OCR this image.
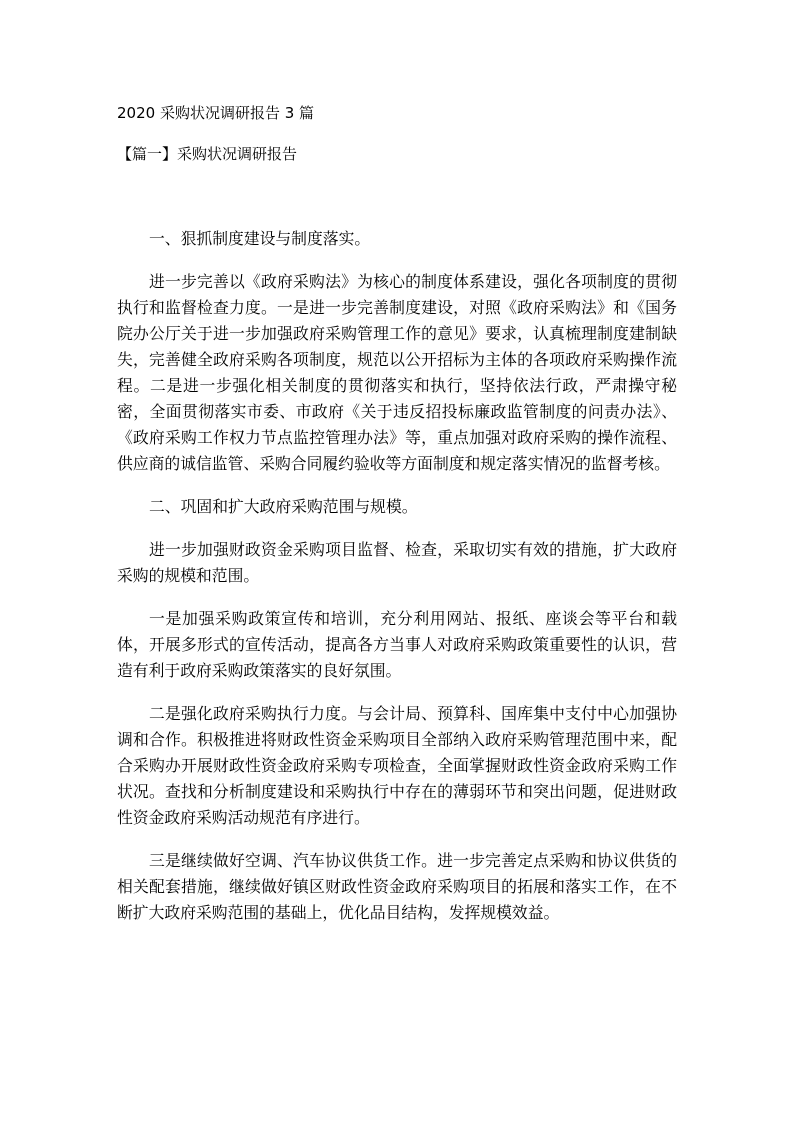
2020 采购状况调研报告 3 篇
【篇一】采购状况调研报告

一、狠抓制度建设与制度落实。

进一步完善以《政府采购法》为核心的制度体系建设，强化各项制度的贯彻执行和监督检查力度。一是进一步完善制度建设，对照《政府采购法》和《国务院办公厅关于进一步加强政府采购管理工作的意见》要求，认真梳理制度建制缺失，完善健全政府采购各项制度，规范以公开招标为主体的各项政府采购操作流程。二是进一步强化相关制度的贯彻落实和执行，坚持依法行政，严肃操守秘密，全面贯彻落实市委、市政府《关于违反招投标廉政监管制度的问责办法》、《政府采购工作权力节点监控管理办法》等，重点加强对政府采购的操作流程、供应商的诚信监管、采购合同履约验收等方面制度和规定落实情况的监督考核。

二、巩固和扩大政府采购范围与规模。

进一步加强财政资金采购项目监督、检查，采取切实有效的措施，扩大政府采购的规模和范围。

一是加强采购政策宣传和培训，充分利用网站、报纸、座谈会等平台和载体，开展多形式的宣传活动，提高各方当事人对政府采购政策重要性的认识，营造有利于政府采购政策落实的良好氛围。

二是强化政府采购执行力度。与会计局、预算科、国库集中支付中心加强协调和合作。积极推进将财政性资金采购项目全部纳入政府采购管理范围中来，配合采购办开展财政性资金政府采购专项检查，全面掌握财政性资金政府采购工作状况。查找和分析制度建设和采购执行中存在的薄弱环节和突出问题，促进财政性资金政府采购活动规范有序进行。

三是继续做好空调、汽车协议供货工作。进一步完善定点采购和协议供货的相关配套措施，继续做好镇区财政性资金政府采购项目的拓展和落实工作，在不断扩大政府采购范围的基础上，优化品目结构，发挥规模效益。
